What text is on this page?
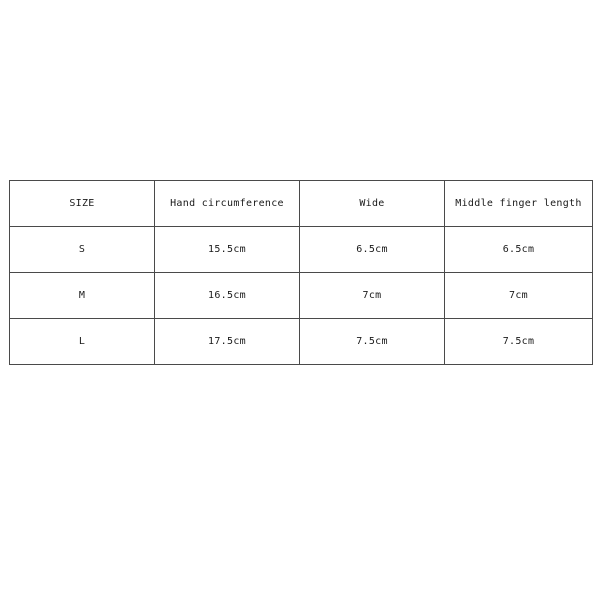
SIZE	Hand circumference	Wide	Middle finger length
S	15.5cm	6.5cm	6.5cm
M	16.5cm	7cm	7cm
L	17.5cm	7.5cm	7.5cm
